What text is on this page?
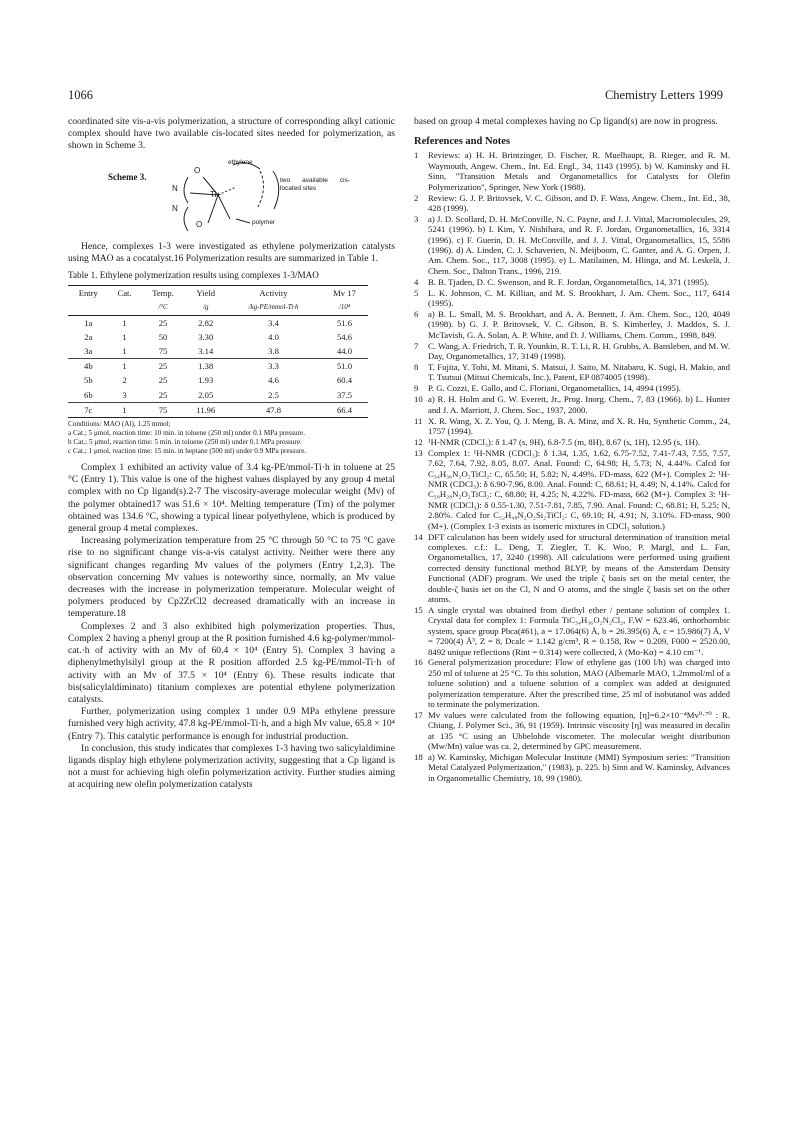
1066	Chemistry Letters 1999

coordinated site vis-a-vis polymerization, a structure of corresponding alkyl cationic complex should have two available cis-located sites needed for polymerization, as shown in Scheme 3.

Scheme 3.
O
ethylene
N
Ti+
N
O	polymer
two available cis-located sites

Hence, complexes 1-3 were investigated as ethylene polymerization catalysts using MAO as a cocatalyst.16 Polymerization results are summarized in Table 1.

Table 1. Ethylene polymerization results using complexes 1-3/MAO

Entry	Cat.	Temp.	Yield	Activity	Mv 17
		/°C	/g	/kg-PE/mmol-Ti·h	/10⁴
1a	1	25	2.82	3.4	51.6
2a	1	50	3.30	4.0	54.6
3a	1	75	3.14	3.8	44.0
4b	1	25	1.38	3.3	51.0
5b	2	25	1.93	4.6	60.4
6b	3	25	2.05	2.5	37.5
7c	1	75	11.96	47.8	66.4
Conditions: MAO (Al), 1.25 mmol;
a Cat.; 5 μmol, reaction time: 10 min. in toluene (250 ml) under 0.1 MPa pressure.
b Cat.; 5 μmol, reaction time: 5 min. in toluene (250 ml) under 0.1 MPa pressure.
c Cat.; 1 μmol, reaction time: 15 min. in heptane (500 ml) under 0.9 MPa pressure.

Complex 1 exhibited an activity value of 3.4 kg-PE/mmol-Ti·h in toluene at 25 °C (Entry 1). This value is one of the highest values displayed by any group 4 metal complex with no Cp ligand(s).2-7 The viscosity-average molecular weight (Mv) of the polymer obtained17 was 51.6 × 10⁴. Melting temperature (Tm) of the polymer obtained was 134.6 °C, showing a typical linear polyethylene, which is produced by general group 4 metal complexes.

Increasing polymerization temperature from 25 °C through 50 °C to 75 °C gave rise to no significant change vis-a-vis catalyst activity. Neither were there any significant changes regarding Mv values of the polymers (Entry 1,2,3). The observation concerning Mv values is noteworthy since, normally, an Mv value decreases with the increase in polymerization temperature. Molecular weight of polymers produced by Cp2ZrCl2 decreased dramatically with an increase in temperature.18

Complexes 2 and 3 also exhibited high polymerization properties. Thus, Complex 2 having a phenyl group at the R position furnished 4.6 kg-polymer/mmol-cat.·h of activity with an Mv of 60.4 × 10⁴ (Entry 5). Complex 3 having a diphenylmethylsilyl group at the R position afforded 2.5 kg-PE/mmol-Ti·h of activity with an Mv of 37.5 × 10⁴ (Entry 6). These results indicate that bis(salicylaldiminato) titanium complexes are potential ethylene polymerization catalysts.

Further, polymerization using complex 1 under 0.9 MPa ethylene pressure furnished very high activity, 47.8 kg-PE/mmol-Ti·h, and a high Mv value, 65.8 × 10⁴ (Entry 7). This catalytic performance is enough for industrial production.

In conclusion, this study indicates that complexes 1-3 having two salicylaldimine ligands display high ethylene polymerization activity, suggesting that a Cp ligand is not a must for achieving high olefin polymerization activity. Further studies aiming at acquiring new olefin polymerization catalysts

based on group 4 metal complexes having no Cp ligand(s) are now in progress.

References and Notes
1	Reviews: a) H. H. Brintzinger, D. Fischer, R. Muelhaupt, B. Rieger, and R. M. Waymouth, Angew. Chem., Int. Ed. Engl., 34, 1143 (1995). b) W. Kaminsky and H. Sinn, "Transition Metals and Organometallics for Catalysts for Olefin Polymerization", Springer, New York (1988).
2	Review: G. J. P. Britovsek, V. C. Gibson, and D. F. Wass, Angew. Chem., Int. Ed., 38, 428 (1999).
3	a) J. D. Scollard, D. H. McConville, N. C. Payne, and J. J. Vittal, Macromolecules, 29, 5241 (1996). b) I. Kim, Y. Nishihara, and R. F. Jordan, Organometallics, 16, 3314 (1996). c) F. Guerin, D. H. McConville, and J. J. Vittal, Organometallics, 15, 5586 (1996). d) A. Linden, C. J. Schaverien, N. Meijboom, C. Ganter, and A. G. Orpen, J. Am. Chem. Soc., 117, 3008 (1995). e) L. Matilainen, M. Hlinga, and M. Leskelä, J. Chem. Soc., Dalton Trans., 1996, 219.
4	B. B. Tjaden, D. C. Swenson, and R. F. Jordan, Organometallics, 14, 371 (1995).
5	L. K. Johnson, C. M. Killian, and M. S. Brookhart, J. Am. Chem. Soc., 117, 6414 (1995).
6	a) B. L. Small, M. S. Brookhart, and A. A. Bennett, J. Am. Chem. Soc., 120, 4049 (1998). b) G. J. P. Britovsek, V. C. Gibson, B. S. Kimberley, J. Maddox, S. J. McTavish, G. A. Solan, A. P. White, and D. J. Williams, Chem. Comm., 1998, 849.
7	C. Wang, A. Friedrich, T. R. Younkin, R. T. Li, R. H. Grubbs, A. Bansleben, and M. W. Day, Organometallics, 17, 3149 (1998).
8	T. Fujita, Y. Tohi, M. Mitani, S. Matsui, J. Saito, M. Nitabaru, K. Sugi, H. Makio, and T. Tsutsui (Mitsui Chemicals, Inc.), Patent, EP 0874005 (1998).
9	P. G. Cozzi, E. Gallo, and C. Floriani, Organometallics, 14, 4994 (1995).
10 a) R. H. Holm and G. W. Everett, Jr., Prog. Inorg. Chem., 7, 83 (1966). b) L. Hunter and J. A. Marriott, J. Chem. Soc., 1937, 2000.
11 X. R. Wang, X. Z. You, Q. J. Meng, B. A. Minz, and X. R. Hu, Synthetic Comm., 24, 1757 (1994).
12 ¹H-NMR (CDCl₃): δ 1.47 (s, 9H), 6.8-7.5 (m, 8H), 8.67 (s, 1H), 12.95 (s, 1H).
13 Complex 1: ¹H-NMR (CDCl₃): δ 1.34, 1.35, 1.62, 6.75-7.52, 7.41-7.43, 7.55, 7.57, 7.62, 7.64, 7.92, 8.05, 8.07. Anal. Found: C, 64.98; H, 5.73; N, 4.44%. Calcd for C₃₄H₃₆N₂O₂TiCl₂: C, 65.50; H, 5.82; N, 4.49%. FD-mass, 622 (M+). Complex 2: ¹H-NMR (CDCl₃): δ 6.90-7.96, 8.00. Anal. Found: C, 68.61; H, 4.49; N, 4.14%. Calcd for C₃₈H₂₈N₂O₂TiCl₂: C, 68.80; H, 4.25; N, 4.22%. FD-mass, 662 (M+). Complex 3: ¹H-NMR (CDCl₃): δ 0.55-1.30, 7.51-7.81, 7.85, 7.90. Anal. Found: C, 68.81; H, 5.25; N, 2.80%. Calcd for C₅₂H₄₈N₂O₂Si₂TiCl₂: C, 69.10; H, 4.91; N, 3.10%. FD-mass, 900 (M+). (Complex 1-3 exists as isomeric mixtures in CDCl₃ solution.)
14 DFT calculation has been widely used for structural determination of transition metal complexes. c.f.: L. Deng, T. Ziegler, T. K. Woo, P. Margl, and L. Fan, Organometallics, 17, 3240 (1998). All calculations were performed using gradient corrected density functional method BLYP, by means of the Amsterdam Density Functional (ADF) program. We used the triple ζ basis set on the metal center, the double-ζ basis set on the Cl, N and O atoms, and the single ζ basis set on the other atoms.
15 A single crystal was obtained from diethyl ether / pentane solution of complex 1. Crystal data for complex 1: Formula TiC₃₄H₃₆O₂N₂Cl₂, F.W = 623.46, orthorhombic system, space group Pbca(#61), a = 17.064(6) Å, b = 26.395(6) Å, c = 15.986(7) Å, V = 7200(4) Å³, Z = 8, Dcalc = 1.142 g/cm³, R = 0.158, Rw = 0.209, F000 = 2520.00, 8492 unique reflections (Rint = 0.314) were collected, λ (Mo-Kα) = 4.10 cm⁻¹.
16 General polymerization procedure: Flow of ethylene gas (100 l/h) was charged into 250 ml of toluene at 25 °C. To this solution, MAO (Albemarle MAO, 1.2mmol/ml of a toluene solution) and a toluene solution of a complex was added at designated polymerization temperature. After the prescribed time, 25 ml of isobutanol was added to terminate the polymerization.
17 Mv values were calculated from the following equation, [η]=6.2×10⁻⁴Mv⁰·⁷⁰ : R. Chiang, J. Polymer Sci., 36, 91 (1959). Intrinsic viscosity [η] was measured in decalin at 135 °C using an Ubbelohde viscometer. The molecular weight distribution (Mw/Mn) value was ca. 2, determined by GPC measurement.
18 a) W. Kaminsky, Michigan Molecular Institute (MMI) Symposium series: "Transition Metal Catalyzed Polymerization," (1983), p. 225. b) Sinn and W. Kaminsky, Advances in Organometallic Chemistry, 18, 99 (1980).
